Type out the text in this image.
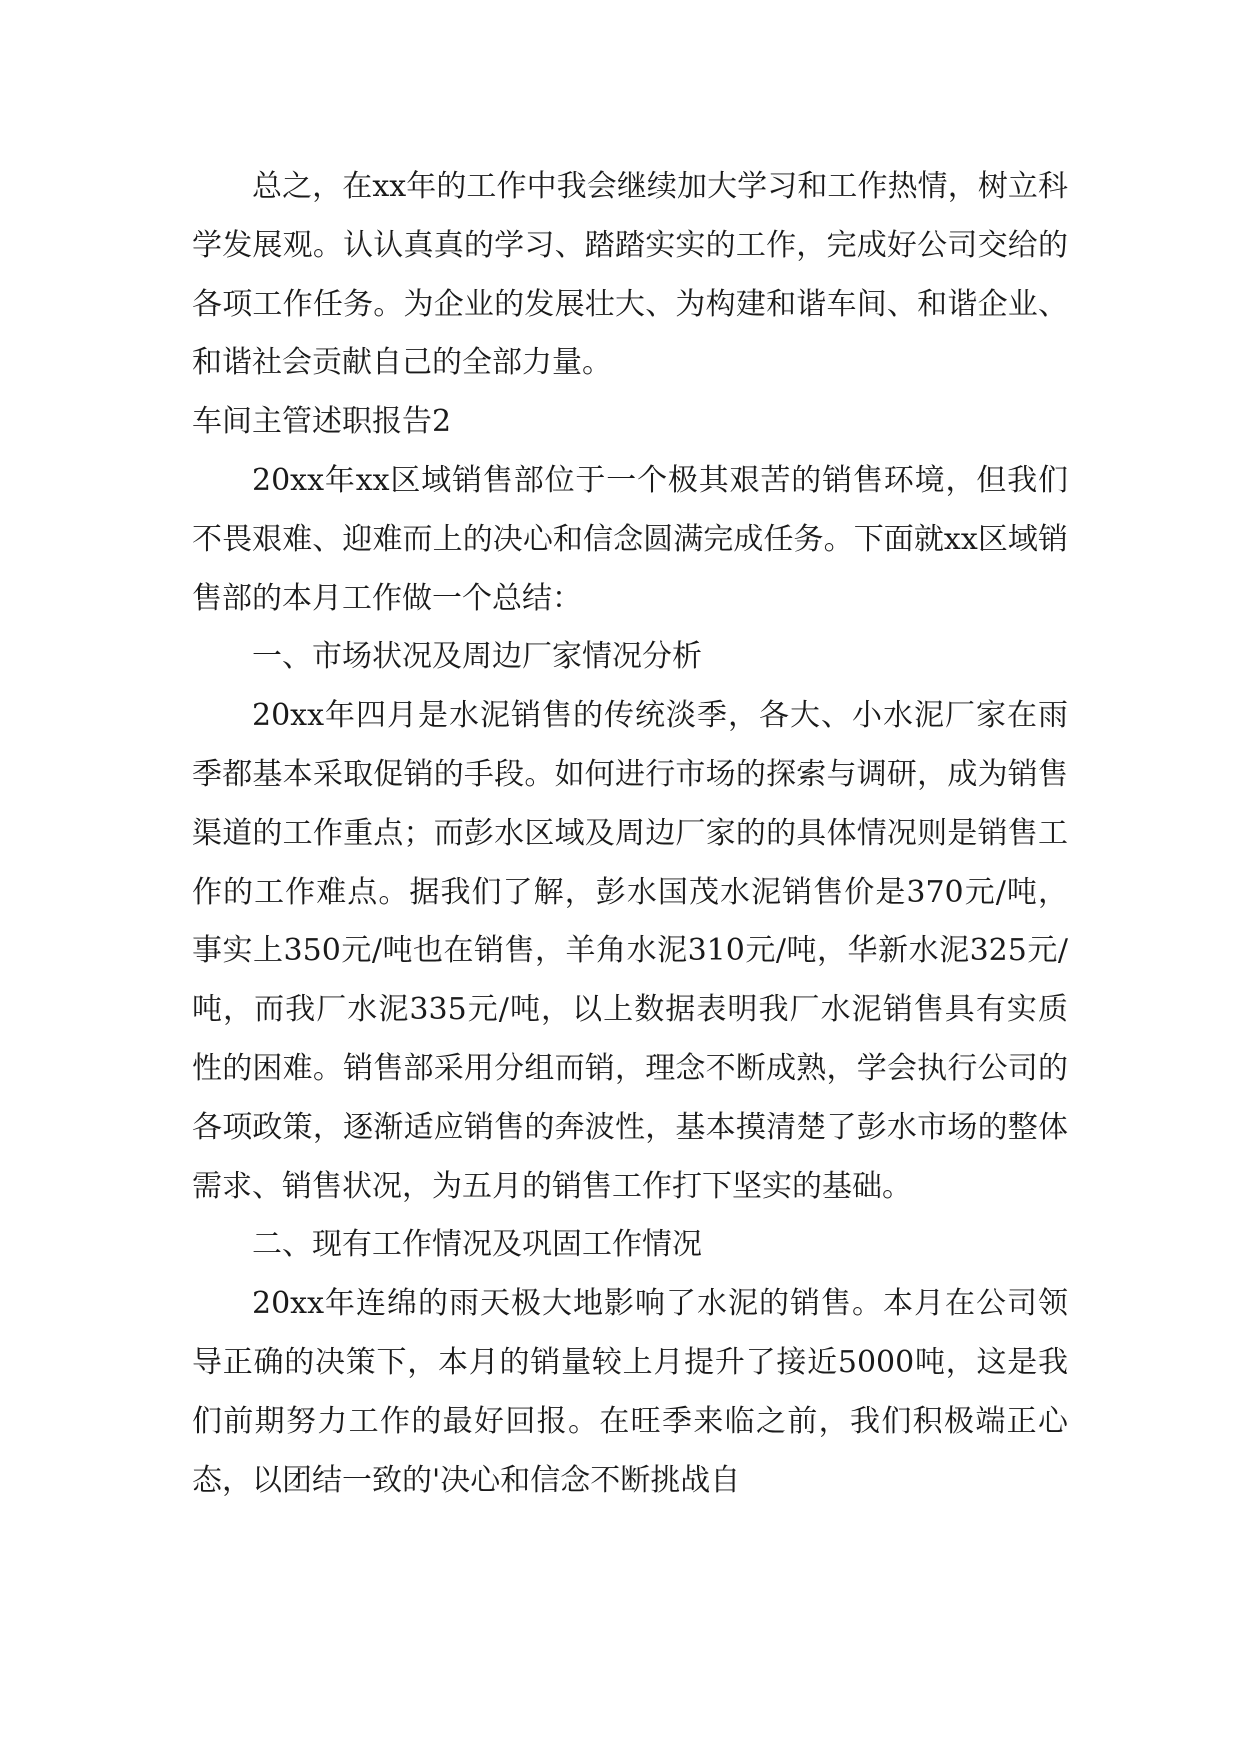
总之，在xx年的工作中我会继续加大学习和工作热情，树立科学发展观。认认真真的学习、踏踏实实的工作，完成好公司交给的各项工作任务。为企业的发展壮大、为构建和谐车间、和谐企业、和谐社会贡献自己的全部力量。

车间主管述职报告2

20xx年xx区域销售部位于一个极其艰苦的销售环境，但我们不畏艰难、迎难而上的决心和信念圆满完成任务。下面就xx区域销售部的本月工作做一个总结：

一、市场状况及周边厂家情况分析

20xx年四月是水泥销售的传统淡季，各大、小水泥厂家在雨季都基本采取促销的手段。如何进行市场的探索与调研，成为销售渠道的工作重点；而彭水区域及周边厂家的的具体情况则是销售工作的工作难点。据我们了解，彭水国茂水泥销售价是370元/吨，事实上350元/吨也在销售，羊角水泥310元/吨，华新水泥325元/吨，而我厂水泥335元/吨，以上数据表明我厂水泥销售具有实质性的困难。销售部采用分组而销，理念不断成熟，学会执行公司的各项政策，逐渐适应销售的奔波性，基本摸清楚了彭水市场的整体需求、销售状况，为五月的销售工作打下坚实的基础。

二、现有工作情况及巩固工作情况

20xx年连绵的雨天极大地影响了水泥的销售。本月在公司领导正确的决策下，本月的销量较上月提升了接近5000吨，这是我们前期努力工作的最好回报。在旺季来临之前，我们积极端正心态，以团结一致的'决心和信念不断挑战自
